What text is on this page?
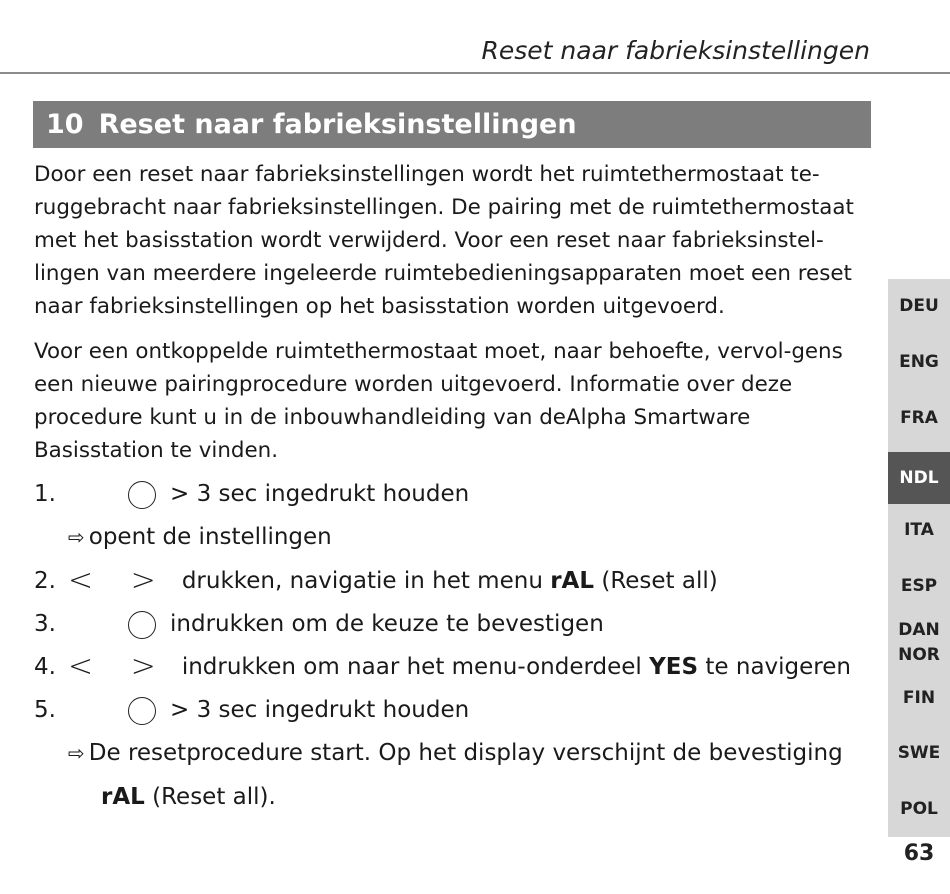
Reset naar fabrieksinstellingen
10 Reset naar fabrieksinstellingen

Door een reset naar fabrieksinstellingen wordt het ruimtethermostaat te-ruggebracht naar fabrieksinstellingen. De pairing met de ruimtethermostaat met het basisstation wordt verwijderd. Voor een reset naar fabrieksinstel-lingen van meerdere ingeleerde ruimtebedieningsapparaten moet een reset naar fabrieksinstellingen op het basisstation worden uitgevoerd.

Voor een ontkoppelde ruimtethermostaat moet, naar behoefte, vervol-gens een nieuwe pairingprocedure worden uitgevoerd. Informatie over deze procedure kunt u in de inbouwhandleiding van deAlpha Smartware Basisstation te vinden.

1.	> 3 sec ingedrukt houden
⇨ opent de instellingen
2. < > drukken, navigatie in het menu rAL (Reset all)
3.	indrukken om de keuze te bevestigen
4. < > indrukken om naar het menu-onderdeel YES te navigeren
5.	> 3 sec ingedrukt houden
⇨ De resetprocedure start. Op het display verschijnt de bevestiging
rAL (Reset all).
DEU
ENG
FRA
NDL
ITA
ESP
DAN
NOR
FIN
SWE
POL
63
